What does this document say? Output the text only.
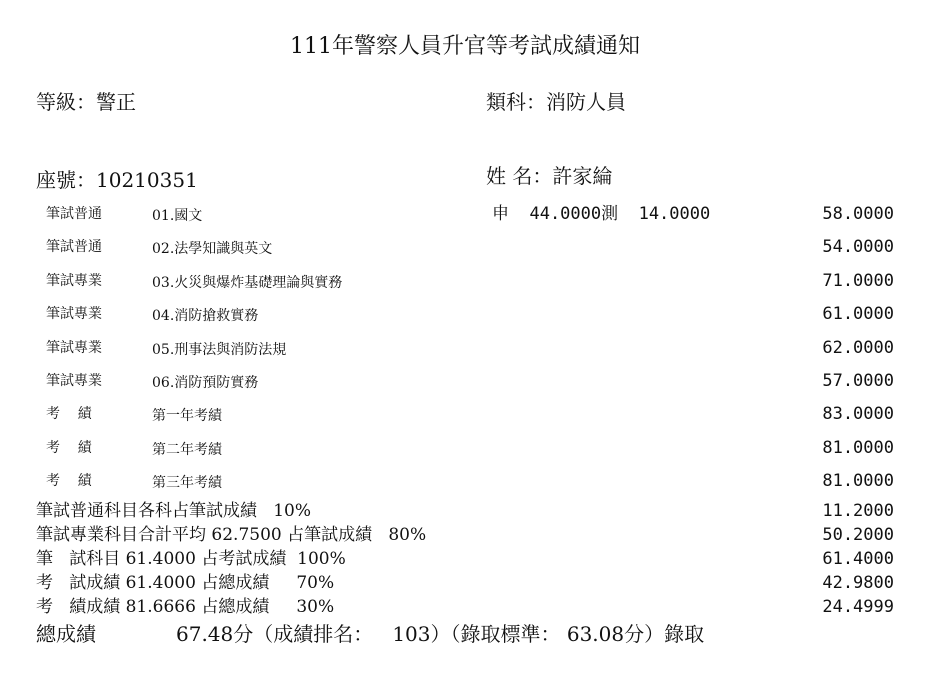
111年警察人員升官等考試成績通知
等級：警正	類科：消防人員
座號：10210351	姓 名：許家綸
筆試普通	01.國文	申  44.0000測  14.0000	58.0000
筆試普通	02.法學知識與英文	54.0000
筆試專業	03.火災與爆炸基礎理論與實務	71.0000
筆試專業	04.消防搶救實務	61.0000
筆試專業	05.刑事法與消防法規	62.0000
筆試專業	06.消防預防實務	57.0000
考    績	第一年考績	83.0000
考    績	第二年考績	81.0000
考    績	第三年考績	81.0000
筆試普通科目各科占筆試成績   10%	11.2000
筆試專業科目合計平均 62.7500 占筆試成績   80%	50.2000
筆   試科目 61.4000 占考試成績  100%	61.4000
考   試成績 61.4000 占總成績     70%	42.9800
考   績成績 81.6666 占總成績     30%	24.4999
總成績	67.48分（成績排名：   103）（錄取標準： 63.08分）錄取
